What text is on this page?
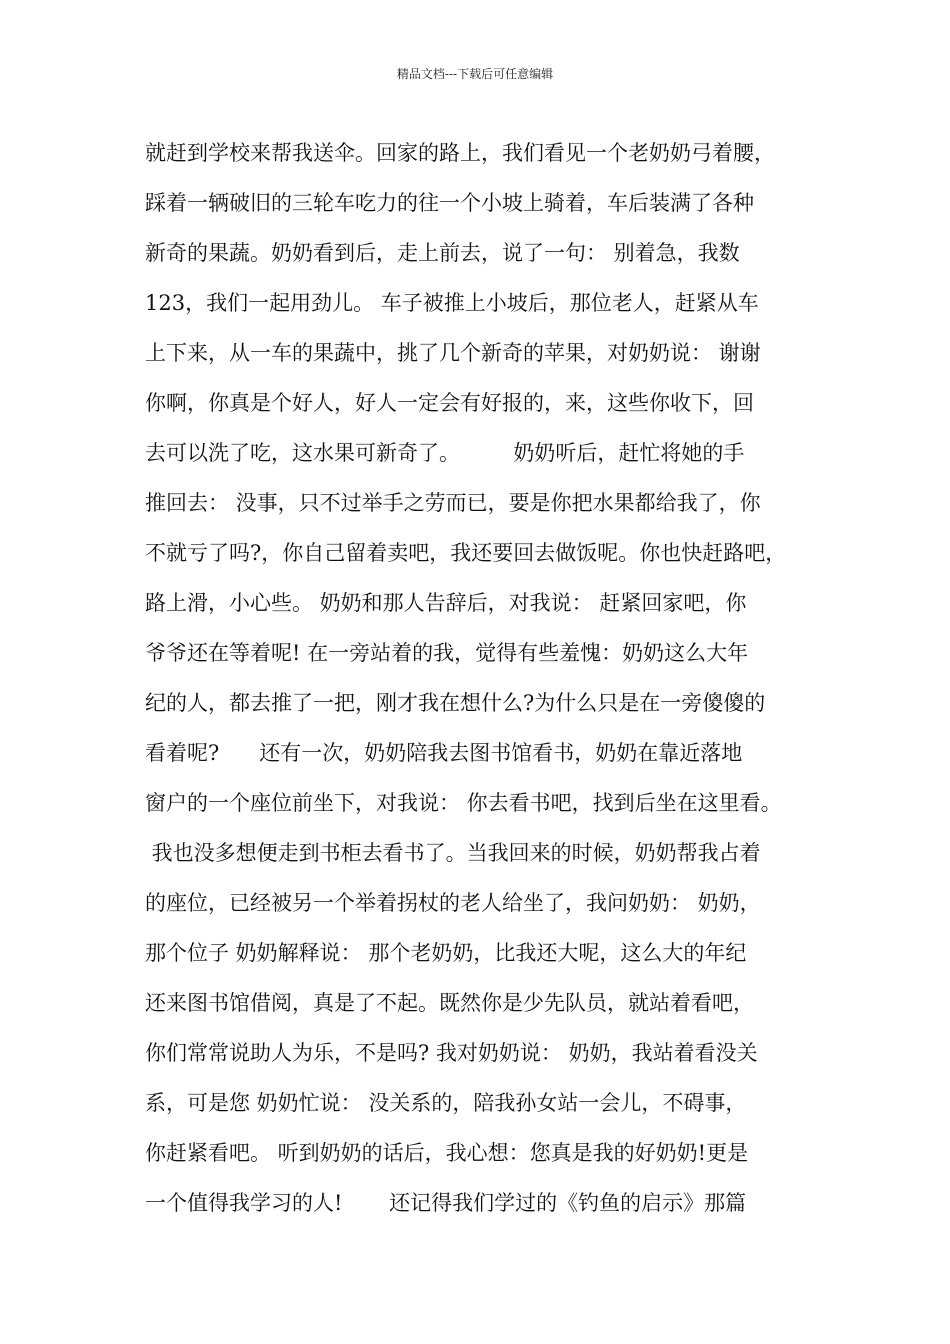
精品文档---下载后可任意编辑
就赶到学校来帮我送伞。回家的路上，我们看见一个老奶奶弓着腰，
踩着一辆破旧的三轮车吃力的往一个小坡上骑着，车后装满了各种
新奇的果蔬。奶奶看到后，走上前去，说了一句： 别着急，我数
123，我们一起用劲儿。 车子被推上小坡后，那位老人，赶紧从车
上下来，从一车的果蔬中，挑了几个新奇的苹果，对奶奶说： 谢谢
你啊，你真是个好人，好人一定会有好报的，来，这些你收下，回
去可以洗了吃，这水果可新奇了。        奶奶听后，赶忙将她的手
推回去： 没事，只不过举手之劳而已，要是你把水果都给我了，你
不就亏了吗?，你自己留着卖吧，我还要回去做饭呢。你也快赶路吧，
路上滑，小心些。 奶奶和那人告辞后，对我说： 赶紧回家吧，你
爷爷还在等着呢! 在一旁站着的我，觉得有些羞愧：奶奶这么大年
纪的人，都去推了一把，刚才我在想什么?为什么只是在一旁傻傻的
看着呢?      还有一次，奶奶陪我去图书馆看书，奶奶在靠近落地
窗户的一个座位前坐下，对我说： 你去看书吧，找到后坐在这里看。
我也没多想便走到书柜去看书了。当我回来的时候，奶奶帮我占着
的座位，已经被另一个举着拐杖的老人给坐了，我问奶奶： 奶奶，
那个位子 奶奶解释说： 那个老奶奶，比我还大呢，这么大的年纪
还来图书馆借阅，真是了不起。既然你是少先队员，就站着看吧，
你们常常说助人为乐，不是吗? 我对奶奶说： 奶奶，我站着看没关
系，可是您 奶奶忙说： 没关系的，陪我孙女站一会儿，不碍事，
你赶紧看吧。 听到奶奶的话后，我心想：您真是我的好奶奶!更是
一个值得我学习的人!       还记得我们学过的《钓鱼的启示》那篇
